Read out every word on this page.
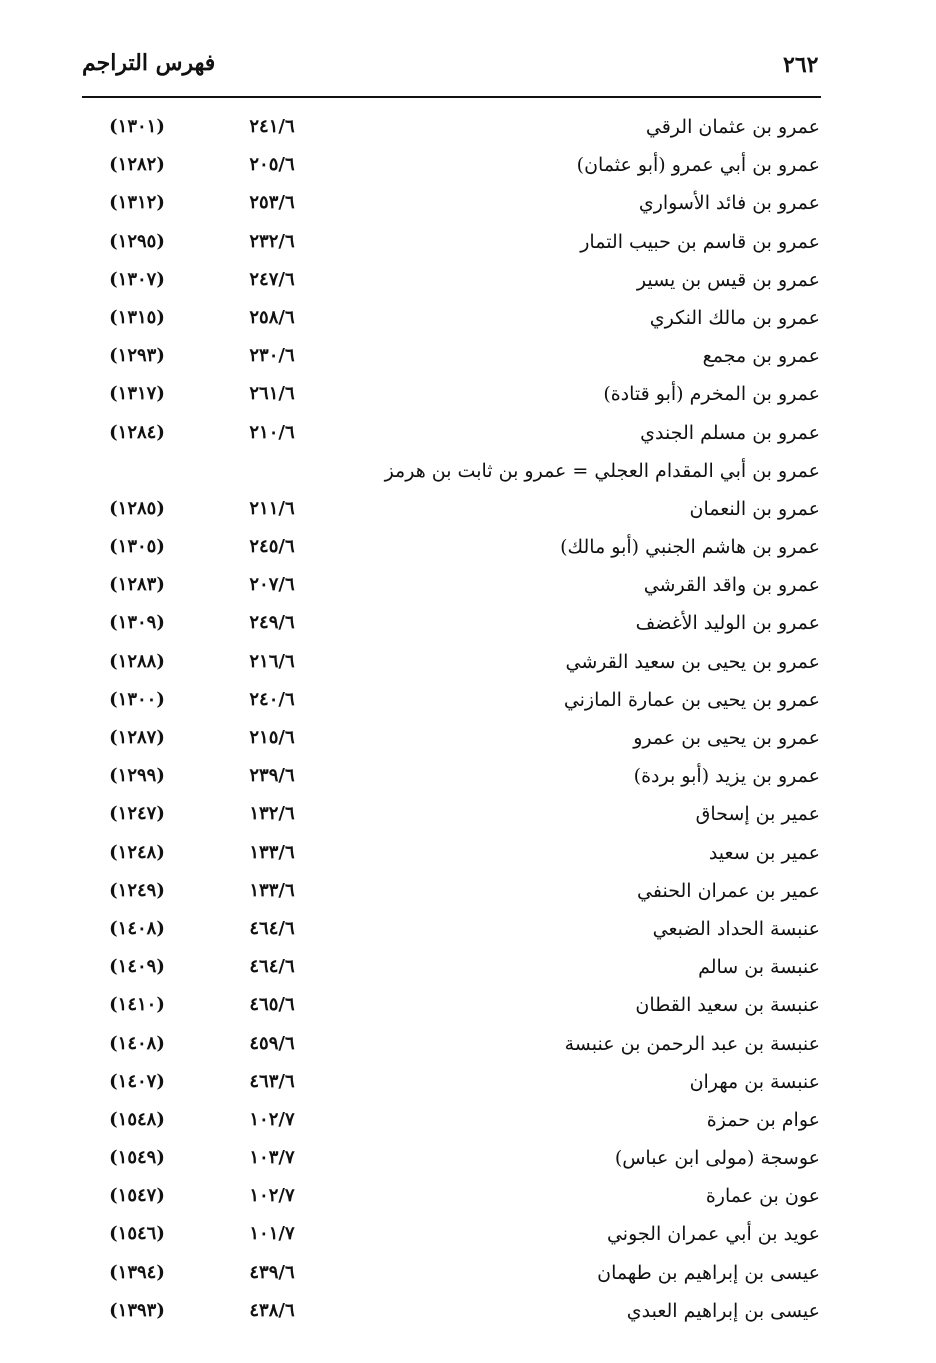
٢٦٢
فهرس التراجم
عمرو بن عثمان الرقي
٢٤١/٦
(١٣٠١)
عمرو بن أبي عمرو (أبو عثمان)
٢٠٥/٦
(١٢٨٢)
عمرو بن فائد الأسواري
٢٥٣/٦
(١٣١٢)
عمرو بن قاسم بن حبيب التمار
٢٣٢/٦
(١٢٩٥)
عمرو بن قيس بن يسير
٢٤٧/٦
(١٣٠٧)
عمرو بن مالك النكري
٢٥٨/٦
(١٣١٥)
عمرو بن مجمع
٢٣٠/٦
(١٢٩٣)
عمرو بن المخرم (أبو قتادة)
٢٦١/٦
(١٣١٧)
عمرو بن مسلم الجندي
٢١٠/٦
(١٢٨٤)
عمرو بن أبي المقدام العجلي = عمرو بن ثابت بن هرمز
عمرو بن النعمان
٢١١/٦
(١٢٨٥)
عمرو بن هاشم الجنبي (أبو مالك)
٢٤٥/٦
(١٣٠٥)
عمرو بن واقد القرشي
٢٠٧/٦
(١٢٨٣)
عمرو بن الوليد الأغضف
٢٤٩/٦
(١٣٠٩)
عمرو بن يحيى بن سعيد القرشي
٢١٦/٦
(١٢٨٨)
عمرو بن يحيى بن عمارة المازني
٢٤٠/٦
(١٣٠٠)
عمرو بن يحيى بن عمرو
٢١٥/٦
(١٢٨٧)
عمرو بن يزيد (أبو بردة)
٢٣٩/٦
(١٢٩٩)
عمير بن إسحاق
١٣٢/٦
(١٢٤٧)
عمير بن سعيد
١٣٣/٦
(١٢٤٨)
عمير بن عمران الحنفي
١٣٣/٦
(١٢٤٩)
عنبسة الحداد الضبعي
٤٦٤/٦
(١٤٠٨)
عنبسة بن سالم
٤٦٤/٦
(١٤٠٩)
عنبسة بن سعيد القطان
٤٦٥/٦
(١٤١٠)
عنبسة بن عبد الرحمن بن عنبسة
٤٥٩/٦
(١٤٠٨)
عنبسة بن مهران
٤٦٣/٦
(١٤٠٧)
عوام بن حمزة
١٠٢/٧
(١٥٤٨)
عوسجة (مولى ابن عباس)
١٠٣/٧
(١٥٤٩)
عون بن عمارة
١٠٢/٧
(١٥٤٧)
عويد بن أبي عمران الجوني
١٠١/٧
(١٥٤٦)
عيسى بن إبراهيم بن طهمان
٤٣٩/٦
(١٣٩٤)
عيسى بن إبراهيم العبدي
٤٣٨/٦
(١٣٩٣)
